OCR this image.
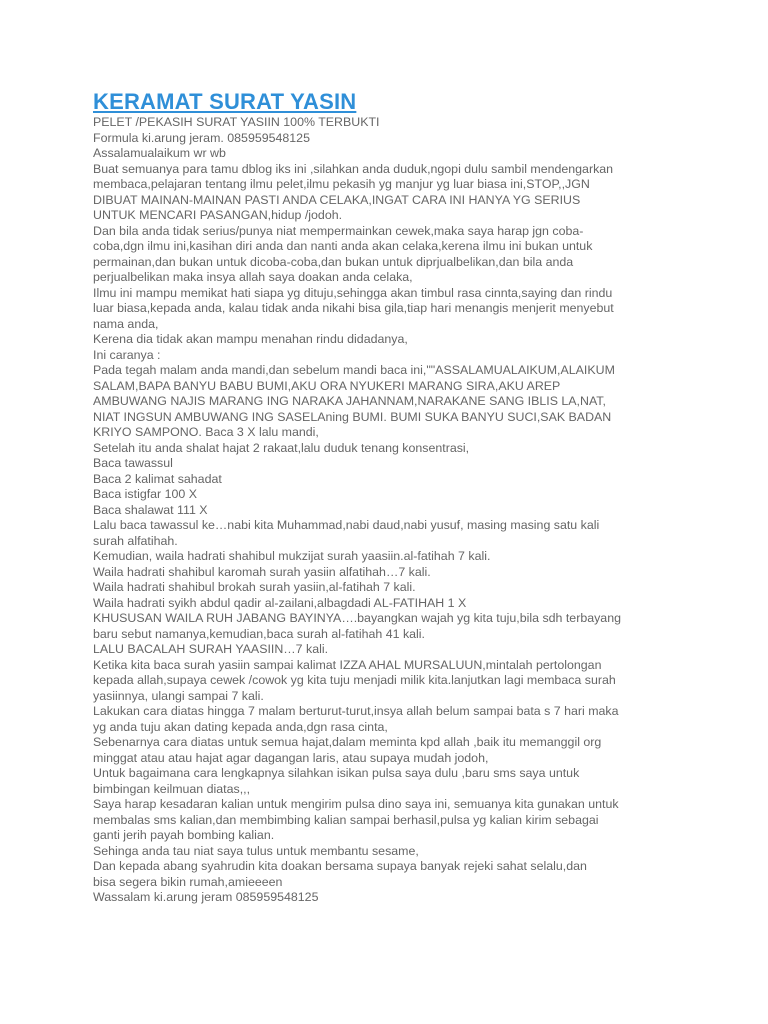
KERAMAT SURAT YASIN
PELET /PEKASIH SURAT YASIIN 100% TERBUKTI
Formula ki.arung jeram. 085959548125
Assalamualaikum wr wb
Buat semuanya para tamu dblog iks ini ,silahkan anda duduk,ngopi dulu sambil mendengarkan
membaca,pelajaran tentang ilmu pelet,ilmu pekasih yg manjur yg luar biasa ini,STOP,,JGN
DIBUAT MAINAN-MAINAN PASTI ANDA CELAKA,INGAT CARA INI HANYA YG SERIUS
UNTUK MENCARI PASANGAN,hidup /jodoh.
Dan bila anda tidak serius/punya niat mempermainkan cewek,maka saya harap jgn coba-
coba,dgn ilmu ini,kasihan diri anda dan nanti anda akan celaka,kerena ilmu ini bukan untuk
permainan,dan bukan untuk dicoba-coba,dan bukan untuk diprjualbelikan,dan bila anda
perjualbelikan maka insya allah saya doakan anda celaka,
Ilmu ini mampu memikat hati siapa yg dituju,sehingga akan timbul rasa cinnta,saying dan rindu
luar biasa,kepada anda, kalau tidak anda nikahi bisa gila,tiap hari menangis menjerit menyebut
nama anda,
Kerena dia tidak akan mampu menahan rindu didadanya,
Ini caranya :
Pada tegah malam anda mandi,dan sebelum mandi baca ini,""ASSALAMUALAIKUM,ALAIKUM
SALAM,BAPA BANYU BABU BUMI,AKU ORA NYUKERI MARANG SIRA,AKU AREP
AMBUWANG NAJIS MARANG ING NARAKA JAHANNAM,NARAKANE SANG IBLIS LA,NAT,
NIAT INGSUN AMBUWANG ING SASELAning BUMI. BUMI SUKA BANYU SUCI,SAK BADAN
KRIYO SAMPONO. Baca 3 X lalu mandi,
Setelah itu anda shalat hajat 2 rakaat,lalu duduk tenang konsentrasi,
Baca tawassul
Baca 2 kalimat sahadat
Baca istigfar 100 X
Baca shalawat 111 X
Lalu baca tawassul ke…nabi kita Muhammad,nabi daud,nabi yusuf, masing masing satu kali
surah alfatihah.
Kemudian, waila hadrati shahibul mukzijat surah yaasiin.al-fatihah 7 kali.
Waila hadrati shahibul karomah surah yasiin alfatihah…7 kali.
Waila hadrati shahibul brokah surah yasiin,al-fatihah 7 kali.
Waila hadrati syikh abdul qadir al-zailani,albagdadi AL-FATIHAH 1 X
KHUSUSAN WAILA RUH JABANG BAYINYA….bayangkan wajah yg kita tuju,bila sdh terbayang
baru sebut namanya,kemudian,baca surah al-fatihah 41 kali.
LALU BACALAH SURAH YAASIIN…7 kali.
Ketika kita baca surah yasiin sampai kalimat IZZA AHAL MURSALUUN,mintalah pertolongan
kepada allah,supaya cewek /cowok yg kita tuju menjadi milik kita.lanjutkan lagi membaca surah
yasiinnya, ulangi sampai 7 kali.
Lakukan cara diatas hingga 7 malam berturut-turut,insya allah belum sampai bata s 7 hari maka
yg anda tuju akan dating kepada anda,dgn rasa cinta,
Sebenarnya cara diatas untuk semua hajat,dalam meminta kpd allah ,baik itu memanggil org
minggat atau atau hajat agar dagangan laris, atau supaya mudah jodoh,
Untuk bagaimana cara lengkapnya silahkan isikan pulsa saya dulu ,baru sms saya untuk
bimbingan keilmuan diatas,,,
Saya harap kesadaran kalian untuk mengirim pulsa dino saya ini, semuanya kita gunakan untuk
membalas sms kalian,dan membimbing kalian sampai berhasil,pulsa yg kalian kirim sebagai
ganti jerih payah bombing kalian.
Sehinga anda tau niat saya tulus untuk membantu sesame,
Dan kepada abang syahrudin kita doakan bersama supaya banyak rejeki sahat selalu,dan
bisa segera bikin rumah,amieeeen
Wassalam ki.arung jeram 085959548125
